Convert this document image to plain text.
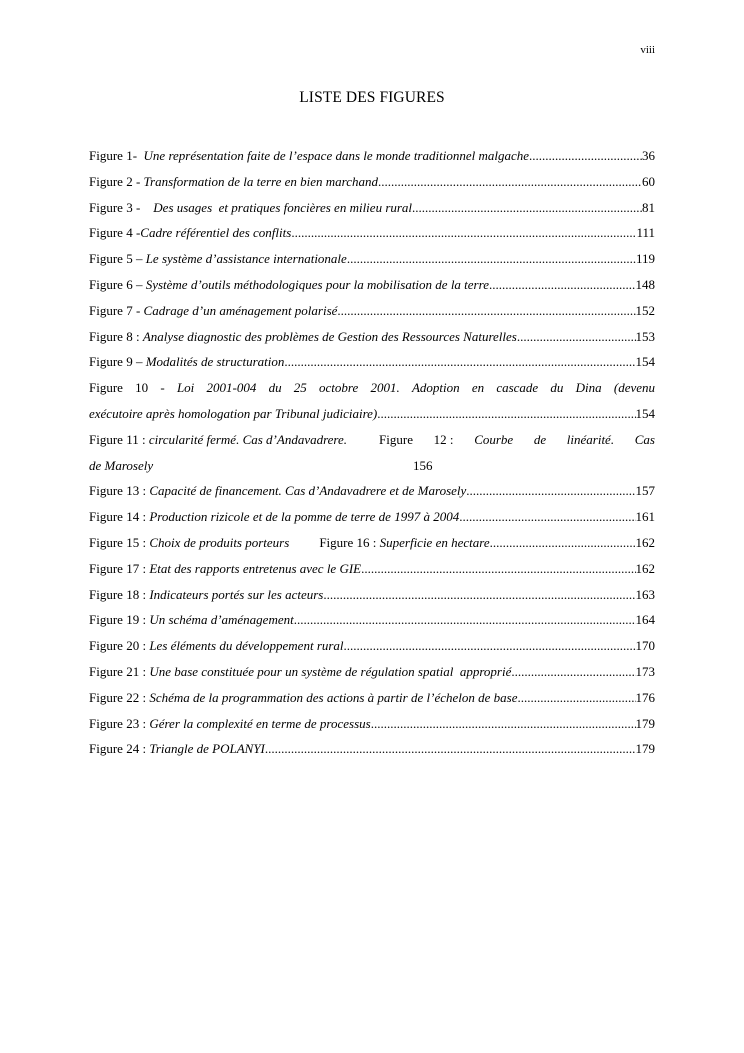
viii
LISTE DES FIGURES
Figure 1- Une représentation faite de l’espace dans le monde traditionnel malgache .....	36
Figure 2 - Transformation de la terre en bien marchand .....	60
Figure 3 - Des usages  et pratiques foncières en milieu rural .....	81
Figure 4 - Cadre référentiel des conflits .....	111
Figure 5 – Le système d’assistance internationale .....	119
Figure 6 – Système d’outils méthodologiques pour la mobilisation de la terre .....	148
Figure 7 - Cadrage d’un aménagement polarisé .....	152
Figure 8 : Analyse diagnostic des problèmes de Gestion des Ressources Naturelles .....	153
Figure 9 – Modalités de structuration .....	154
Figure 10 - Loi 2001-004 du 25 octobre 2001. Adoption en cascade du Dina (devenu
exécutoire après homologation par Tribunal judiciaire) .....	154
Figure 11 : circularité fermé. Cas d’Andavadrere. Figure 12 : Courbe de linéarité. Cas
de Marosely	156
Figure 13 : Capacité de financement. Cas d’Andavadrere et de Marosely .....	157
Figure 14 : Production rizicole et de la pomme de terre de 1997 à 2004 .....	161
Figure 15 : Choix de produits porteurs Figure 16 : Superficie en hectare .....	162
Figure 17 : Etat des rapports entretenus avec le GIE .....	162
Figure 18 : Indicateurs portés sur les acteurs .....	163
Figure 19 : Un schéma d’aménagement .....	164
Figure 20 : Les éléments du développement rural .....	170
Figure 21 : Une base constituée pour un système de régulation spatial  approprié .....	173
Figure 22 : Schéma de la programmation des actions à partir de l’échelon de base .....	176
Figure 23 : Gérer la complexité en terme de processus .....	179
Figure 24 : Triangle de POLANYI .....	179
